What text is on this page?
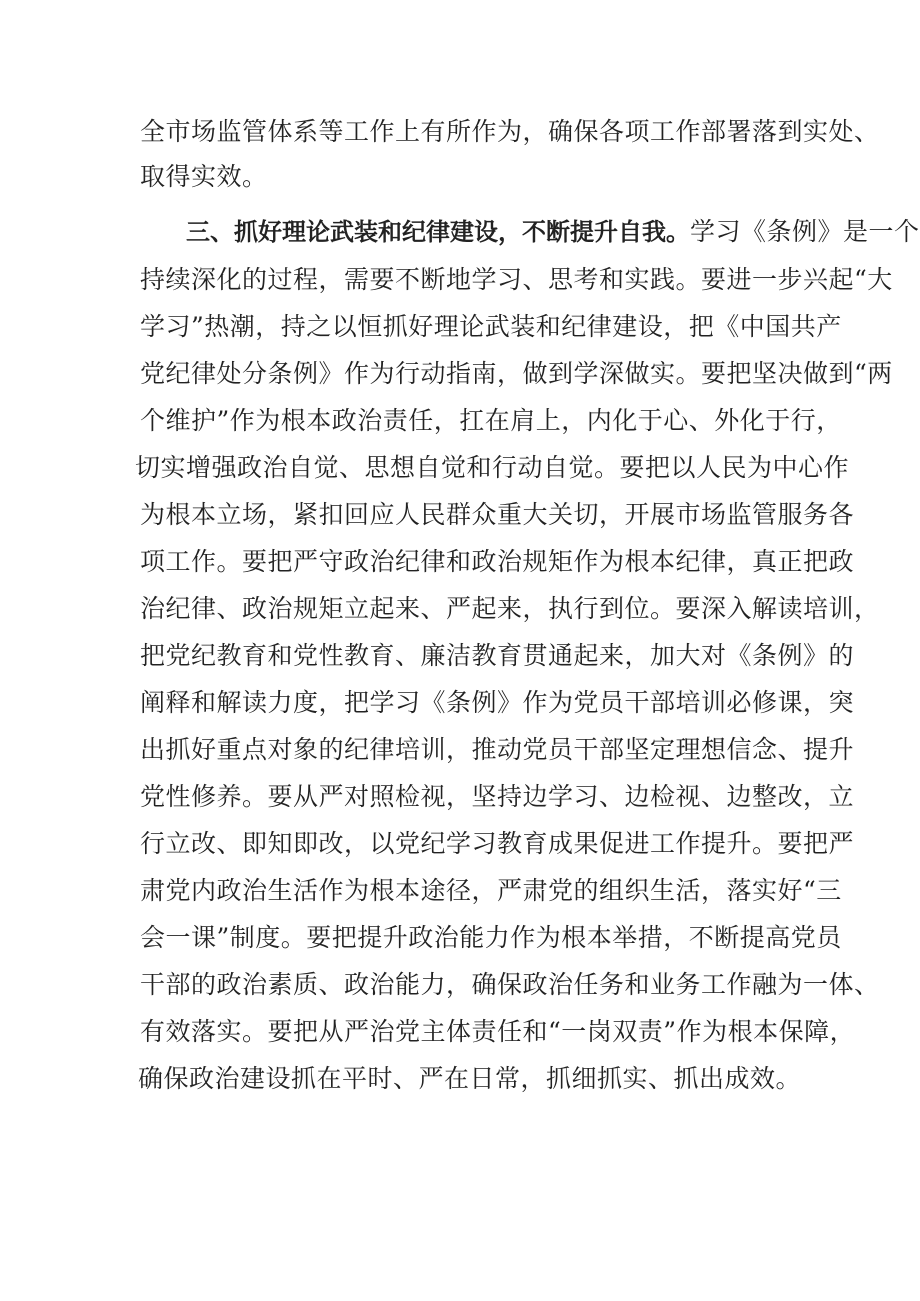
全市场监管体系等工作上有所作为，确保各项工作部署落到实处、
取得实效。
三、抓好理论武装和纪律建设，不断提升自我。学习《条例》是一个
持续深化的过程，需要不断地学习、思考和实践。要进一步兴起“大
学习”热潮，持之以恒抓好理论武装和纪律建设，把《中国共产
党纪律处分条例》作为行动指南，做到学深做实。要把坚决做到“两
个维护”作为根本政治责任，扛在肩上，内化于心、外化于行，
切实增强政治自觉、思想自觉和行动自觉。要把以人民为中心作
为根本立场，紧扣回应人民群众重大关切，开展市场监管服务各
项工作。要把严守政治纪律和政治规矩作为根本纪律，真正把政
治纪律、政治规矩立起来、严起来，执行到位。要深入解读培训，
把党纪教育和党性教育、廉洁教育贯通起来，加大对《条例》的
阐释和解读力度，把学习《条例》作为党员干部培训必修课，突
出抓好重点对象的纪律培训，推动党员干部坚定理想信念、提升
党性修养。要从严对照检视，坚持边学习、边检视、边整改，立
行立改、即知即改，以党纪学习教育成果促进工作提升。要把严
肃党内政治生活作为根本途径，严肃党的组织生活，落实好“三
会一课”制度。要把提升政治能力作为根本举措，不断提高党员
干部的政治素质、政治能力，确保政治任务和业务工作融为一体、
有效落实。要把从严治党主体责任和“一岗双责”作为根本保障，
确保政治建设抓在平时、严在日常，抓细抓实、抓出成效。
